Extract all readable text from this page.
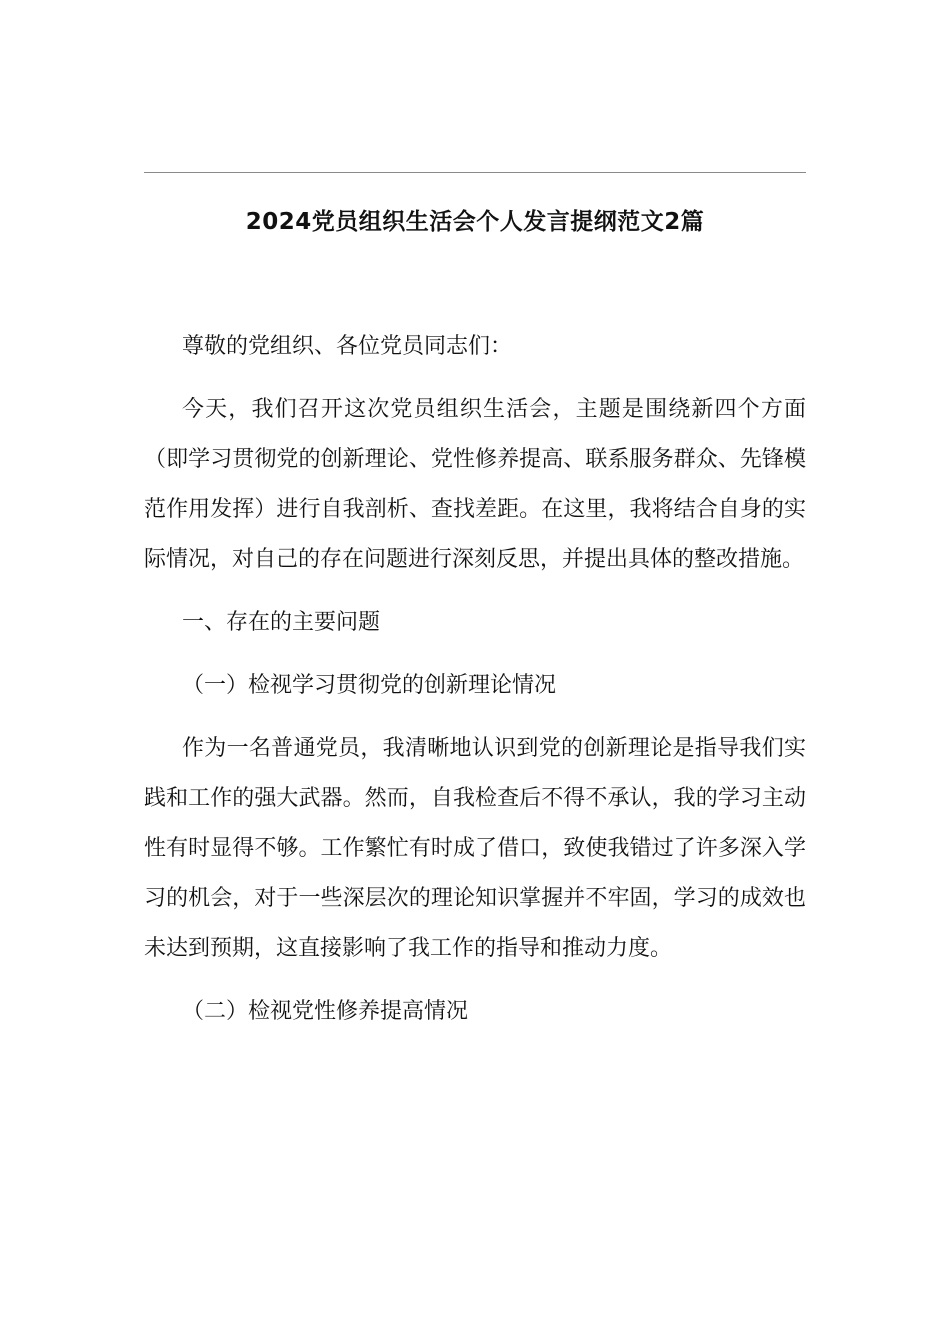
2024党员组织生活会个人发言提纲范文2篇

尊敬的党组织、各位党员同志们：

今天，我们召开这次党员组织生活会，主题是围绕新四个方面（即学习贯彻党的创新理论、党性修养提高、联系服务群众、先锋模范作用发挥）进行自我剖析、查找差距。在这里，我将结合自身的实际情况，对自己的存在问题进行深刻反思，并提出具体的整改措施。

一、存在的主要问题

（一）检视学习贯彻党的创新理论情况

作为一名普通党员，我清晰地认识到党的创新理论是指导我们实践和工作的强大武器。然而，自我检查后不得不承认，我的学习主动性有时显得不够。工作繁忙有时成了借口，致使我错过了许多深入学习的机会，对于一些深层次的理论知识掌握并不牢固，学习的成效也未达到预期，这直接影响了我工作的指导和推动力度。

（二）检视党性修养提高情况
